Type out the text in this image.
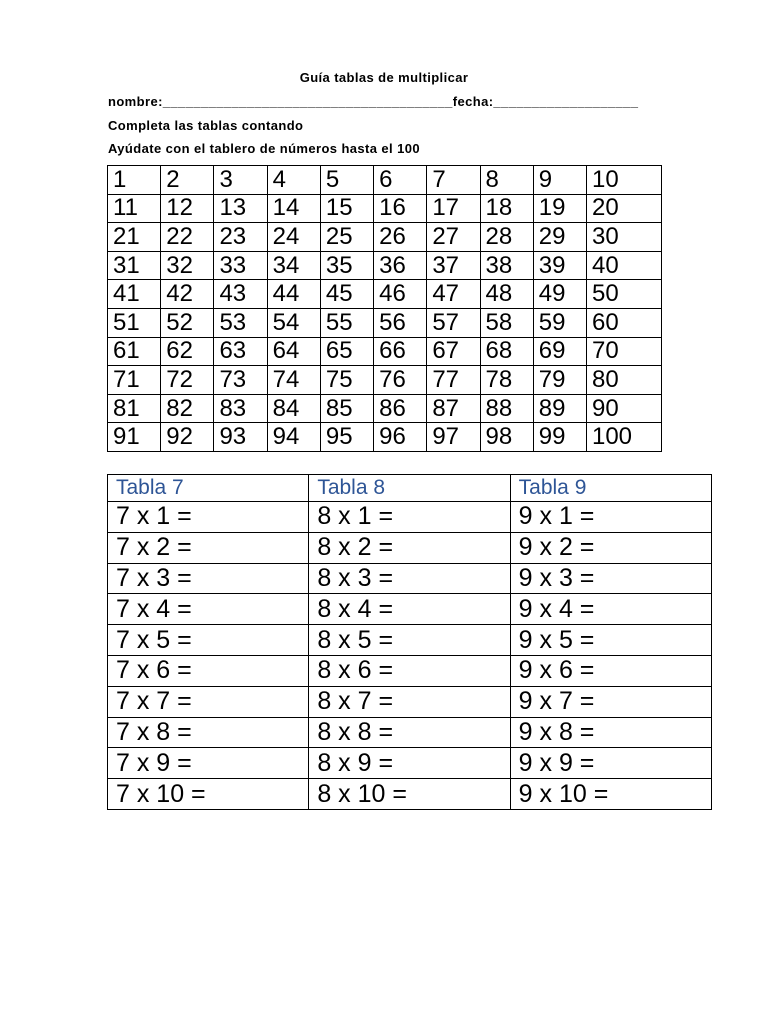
Guía tablas de multiplicar

nombre:______________________________________fecha:___________________

Completa las tablas contando

Ayúdate con el tablero de números hasta el 100

1	2	3	4	5	6	7	8	9	10
11	12	13	14	15	16	17	18	19	20
21	22	23	24	25	26	27	28	29	30
31	32	33	34	35	36	37	38	39	40
41	42	43	44	45	46	47	48	49	50
51	52	53	54	55	56	57	58	59	60
61	62	63	64	65	66	67	68	69	70
71	72	73	74	75	76	77	78	79	80
81	82	83	84	85	86	87	88	89	90
91	92	93	94	95	96	97	98	99	100
Tabla 7	Tabla 8	Tabla 9
7 x 1 =	8 x 1 =	9 x 1 =
7 x 2 =	8 x 2 =	9 x 2 =
7 x 3 =	8 x 3 =	9 x 3 =
7 x 4 =	8 x 4 =	9 x 4 =
7 x 5 =	8 x 5 =	9 x 5 =
7 x 6 =	8 x 6 =	9 x 6 =
7 x 7 =	8 x 7 =	9 x 7 =
7 x 8 =	8 x 8 =	9 x 8 =
7 x 9 =	8 x 9 =	9 x 9 =
7 x 10 =	8 x 10 =	9 x 10 =
